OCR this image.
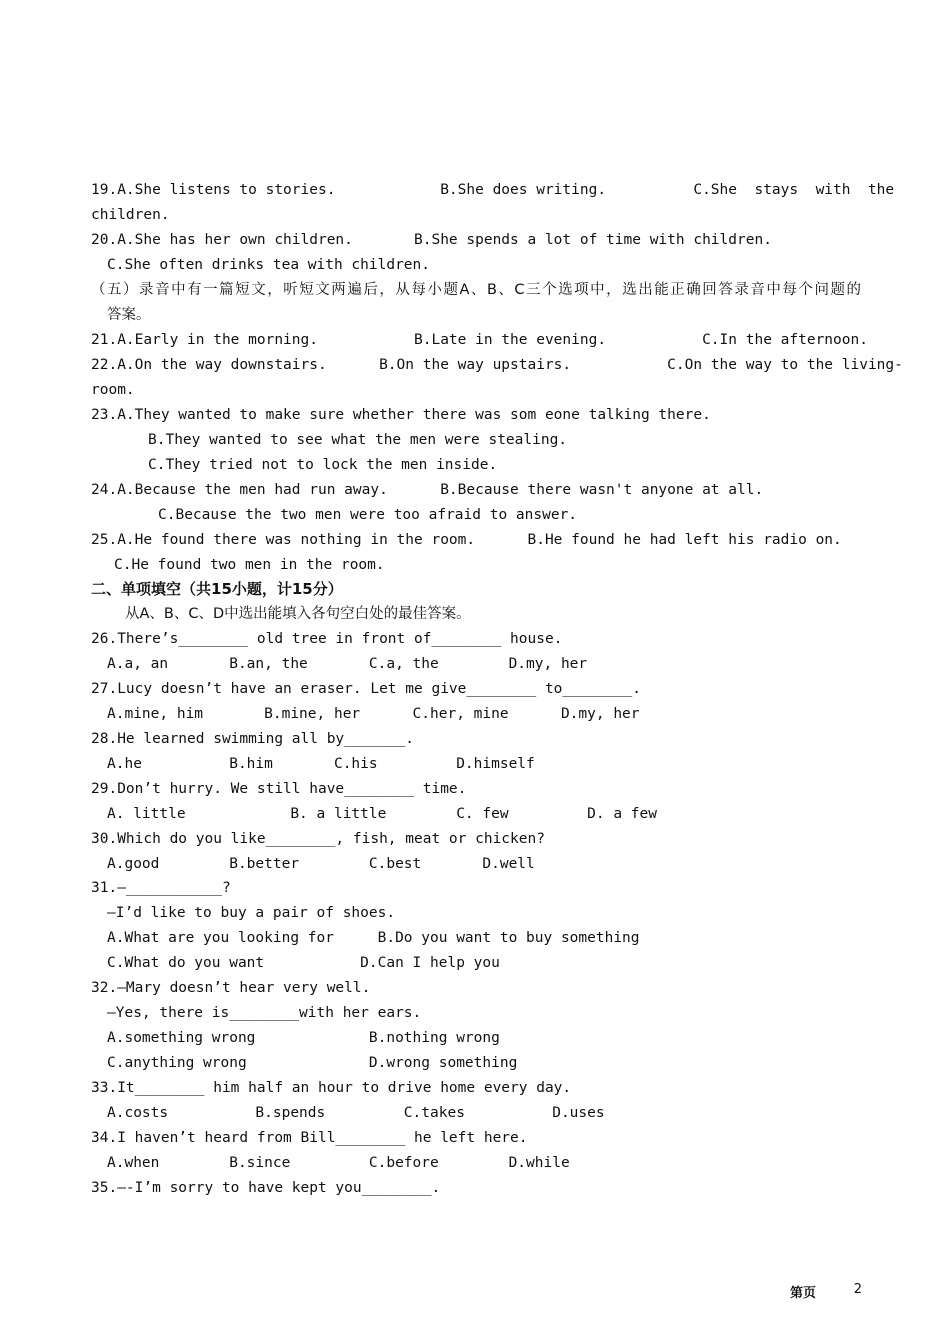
19.A.She listens to stories.            B.She does writing.          C.She  stays  with  the
children.
20.A.She has her own children.       B.She spends a lot of time with children.
C.She often drinks tea with children.
（五）录音中有一篇短文，听短文两遍后，从每小题A、B、C三个选项中，选出能正确回答录音中每个问题的
答案。
21.A.Early in the morning.           B.Late in the evening.           C.In the afternoon.
22.A.On the way downstairs.      B.On the way upstairs.           C.On the way to the living-
room.
23.A.They wanted to make sure whether there was som eone talking there.
B.They wanted to see what the men were stealing.
C.They tried not to lock the men inside.
24.A.Because the men had run away.      B.Because there wasn't anyone at all.
C.Because the two men were too afraid to answer.
25.A.He found there was nothing in the room.      B.He found he had left his radio on.
C.He found two men in the room.
二、单项填空（共15小题，计15分）
从A、B、C、D中选出能填入各句空白处的最佳答案。
26.There’s________ old tree in front of________ house.
A.a, an       B.an, the       C.a, the        D.my, her
27.Lucy doesn’t have an eraser. Let me give________ to________.
A.mine, him       B.mine, her      C.her, mine      D.my, her
28.He learned swimming all by_______.
A.he          B.him       C.his         D.himself
29.Don’t hurry. We still have________ time.
A. little            B. a little        C. few         D. a few
30.Which do you like________, fish, meat or chicken?
A.good        B.better        C.best       D.well
31.—___________?
—I’d like to buy a pair of shoes.
A.What are you looking for     B.Do you want to buy something
C.What do you want           D.Can I help you
32.—Mary doesn’t hear very well.
—Yes, there is________with her ears.
A.something wrong             B.nothing wrong
C.anything wrong              D.wrong something
33.It________ him half an hour to drive home every day.
A.costs          B.spends         C.takes          D.uses
34.I haven’t heard from Bill________ he left here.
A.when        B.since         C.before        D.while
35.—-I’m sorry to have kept you________.
第页	2
